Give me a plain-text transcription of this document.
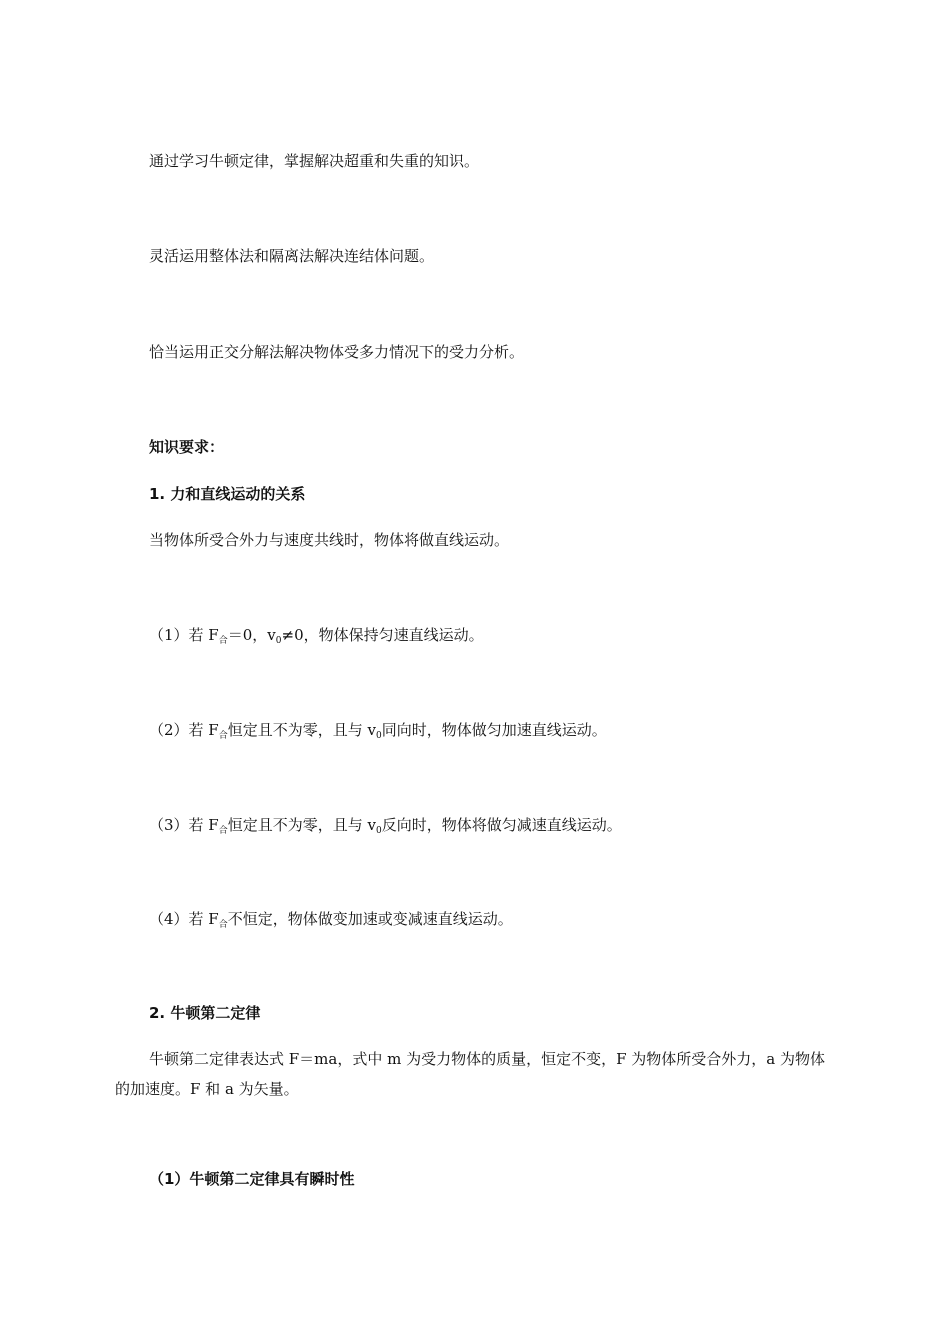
通过学习牛顿定律，掌握解决超重和失重的知识。
灵活运用整体法和隔离法解决连结体问题。
恰当运用正交分解法解决物体受多力情况下的受力分析。
知识要求：
1. 力和直线运动的关系
当物体所受合外力与速度共线时，物体将做直线运动。
（1）若 $F_合=0$，$v_0\ne 0$，物体保持匀速直线运动。
（2）若 $F_合$恒定且不为零，且与 $v_0$同向时，物体做匀加速直线运动。
（3）若 $F_合$恒定且不为零，且与 $v_0$反向时，物体将做匀减速直线运动。
（4）若 $F_合$不恒定，物体做变加速或变减速直线运动。
2. 牛顿第二定律
牛顿第二定律表达式 F＝ma，式中 m 为受力物体的质量，恒定不变，F 为物体所受合外力，a 为物体的加速度。F 和 a 为矢量。
（1）牛顿第二定律具有瞬时性
